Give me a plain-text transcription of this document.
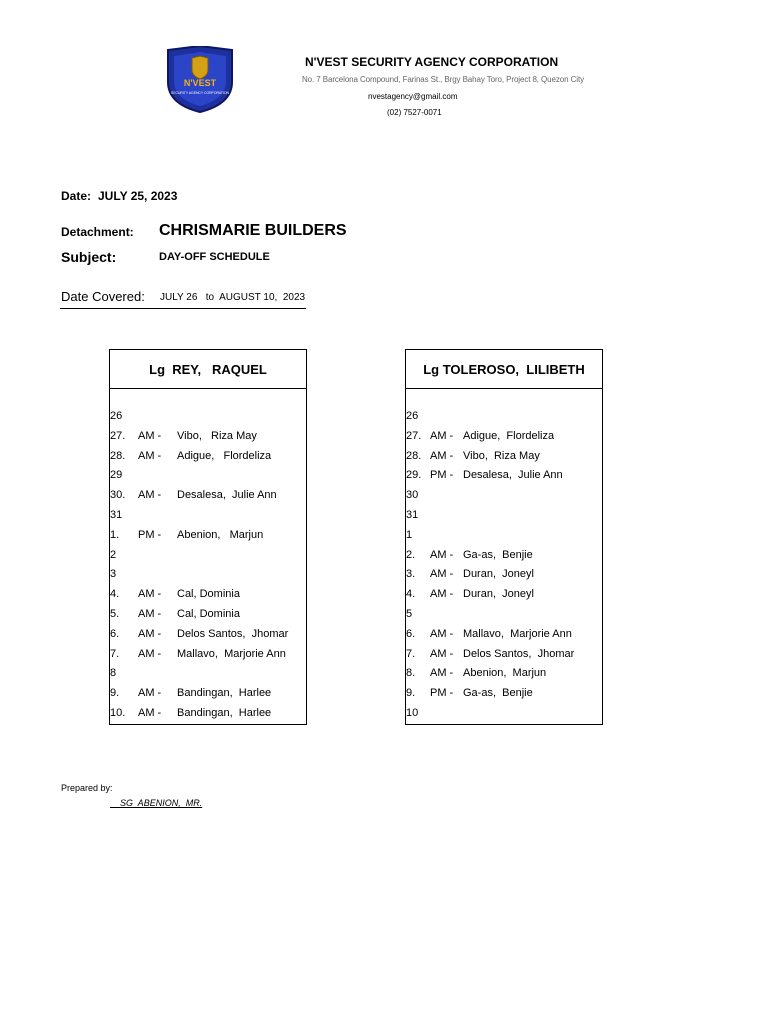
N'VEST
SECURITY AGENCY CORPORATION
N'VEST SECURITY AGENCY CORPORATION
No. 7 Barcelona Compound, Farinas St., Brgy Bahay Toro, Project 8, Quezon City
nvestagency@gmail.com
(02) 7527-0071
Date: JULY 25, 2023
Detachment: CHRISMARIE BUILDERS
Subject:	DAY-OFF SCHEDULE
Date Covered: JULY 26   to  AUGUST 10,  2023
Lg  REY,   RAQUEL
26
27. AM - Vibo,   Riza May
28. AM - Adigue,   Flordeliza
29
30. AM - Desalesa,  Julie Ann
31
1. PM - Abenion,   Marjun
2
3
4. AM - Cal, Dominia
5. AM - Cal, Dominia
6. AM - Delos Santos,  Jhomar
7. AM - Mallavo,  Marjorie Ann
8
9. AM - Bandingan,  Harlee
10. AM - Bandingan,  Harlee
Lg TOLEROSO,  LILIBETH
26
27. AM - Adigue,  Flordeliza
28. AM - Vibo,  Riza May
29. PM - Desalesa,  Julie Ann
30
31
1
2. AM - Ga-as,  Benjie
3. AM - Duran,  Joneyl
4. AM - Duran,  Joneyl
5
6. AM - Mallavo,  Marjorie Ann
7. AM - Delos Santos,  Jhomar
8. AM - Abenion,  Marjun
9. PM - Ga-as,  Benjie
10
Prepared by:
SG  ABENION,  MR.
